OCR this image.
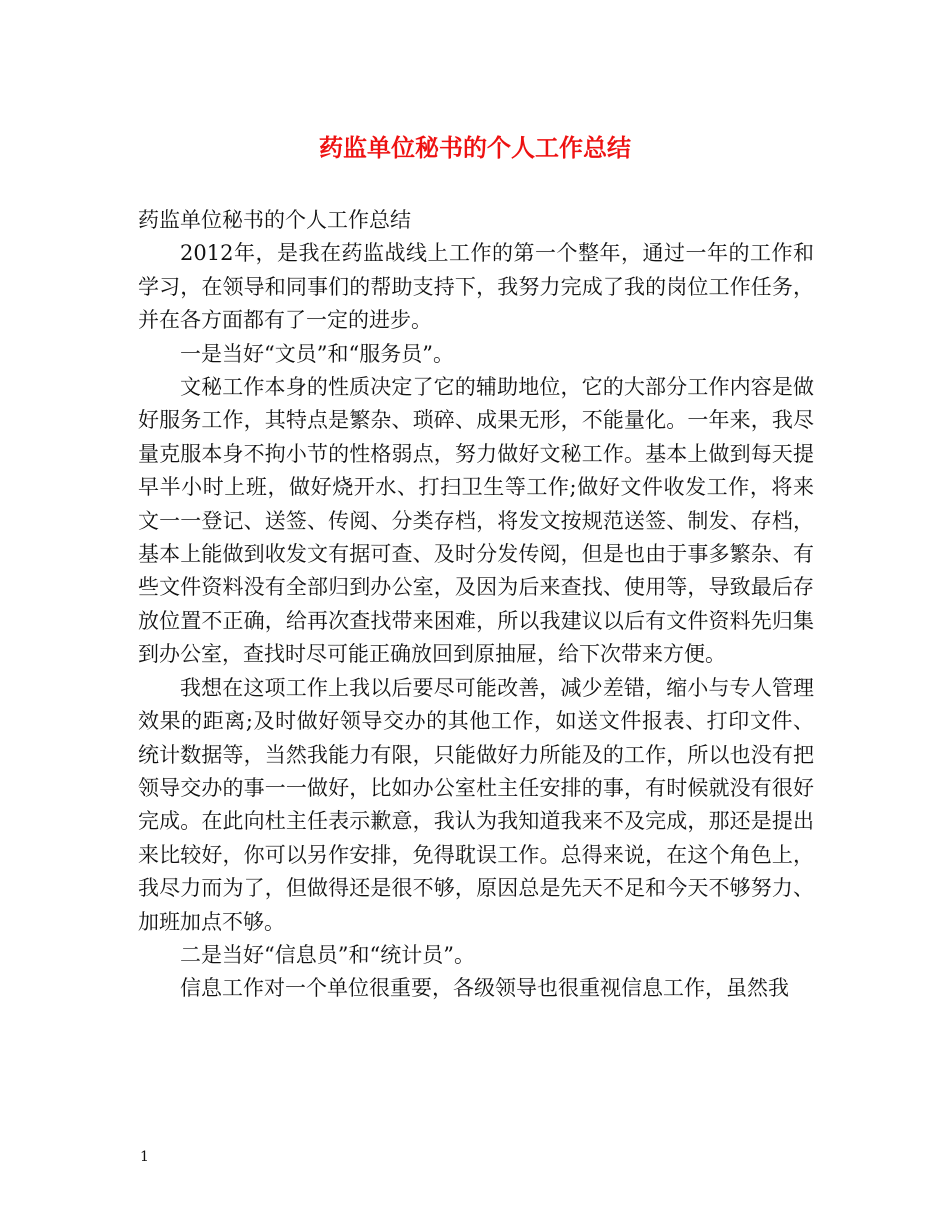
药监单位秘书的个人工作总结

药监单位秘书的个人工作总结

2012年，是我在药监战线上工作的第一个整年，通过一年的工作和学习，在领导和同事们的帮助支持下，我努力完成了我的岗位工作任务，并在各方面都有了一定的进步。

一是当好“文员”和“服务员”。

文秘工作本身的性质决定了它的辅助地位，它的大部分工作内容是做好服务工作，其特点是繁杂、琐碎、成果无形，不能量化。一年来，我尽量克服本身不拘小节的性格弱点，努力做好文秘工作。基本上做到每天提早半小时上班，做好烧开水、打扫卫生等工作;做好文件收发工作，将来文一一登记、送签、传阅、分类存档，将发文按规范送签、制发、存档，基本上能做到收发文有据可查、及时分发传阅，但是也由于事多繁杂、有些文件资料没有全部归到办公室，及因为后来查找、使用等，导致最后存放位置不正确，给再次查找带来困难，所以我建议以后有文件资料先归集到办公室，查找时尽可能正确放回到原抽屉，给下次带来方便。

我想在这项工作上我以后要尽可能改善，减少差错，缩小与专人管理效果的距离;及时做好领导交办的其他工作，如送文件报表、打印文件、统计数据等，当然我能力有限，只能做好力所能及的工作，所以也没有把领导交办的事一一做好，比如办公室杜主任安排的事，有时候就没有很好完成。在此向杜主任表示歉意，我认为我知道我来不及完成，那还是提出来比较好，你可以另作安排，免得耽误工作。总得来说，在这个角色上，我尽力而为了，但做得还是很不够，原因总是先天不足和今天不够努力、加班加点不够。

二是当好“信息员”和“统计员”。

信息工作对一个单位很重要，各级领导也很重视信息工作，虽然我

1
